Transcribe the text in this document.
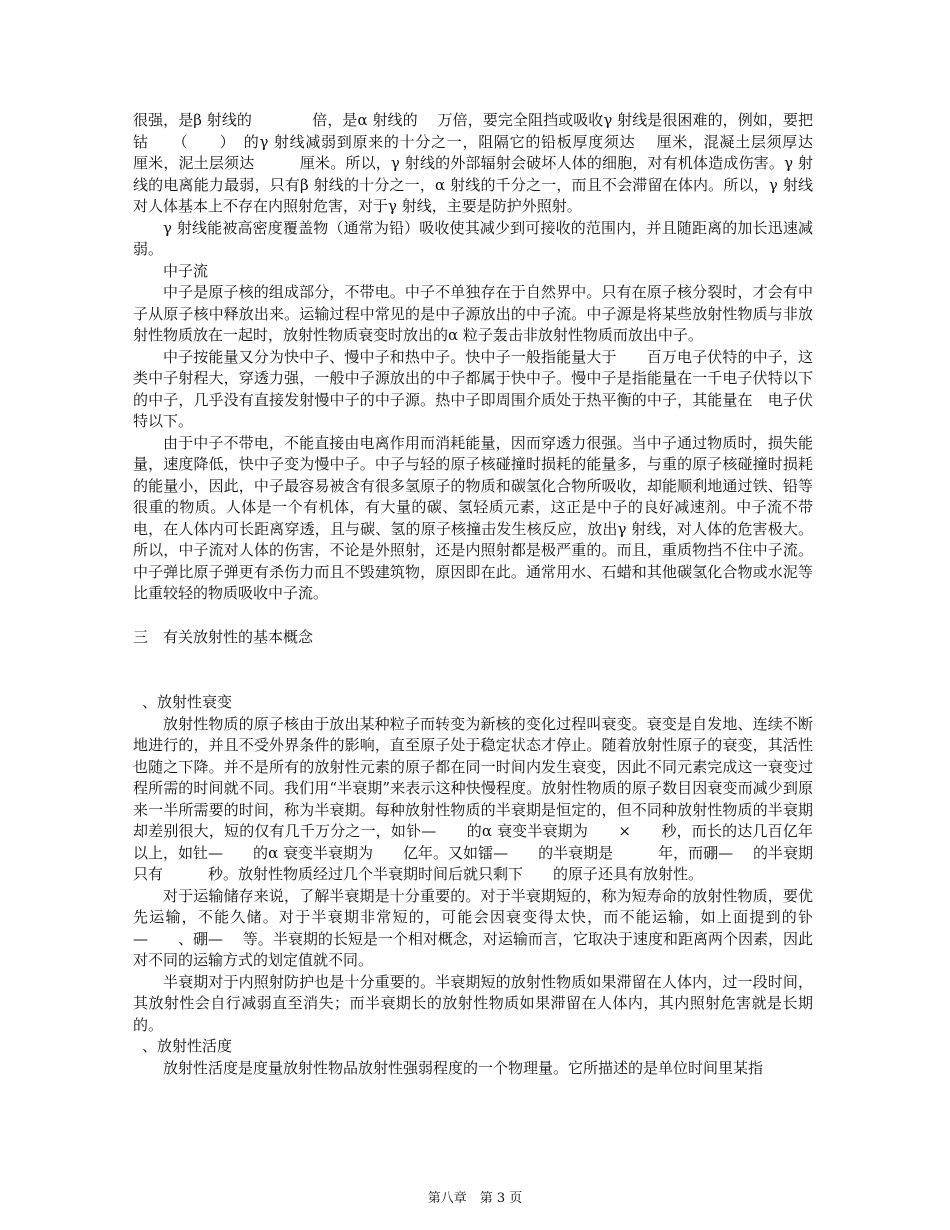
很强，是β 射线的　　　　倍，是α 射线的　 万倍，要完全阻挡或吸收γ 射线是很困难的，例如，要把钴　　（　　）　的γ 射线减弱到原来的十分之一，阻隔它的铅板厚度须达　 厘米，混凝土层须厚达　　　厘米，泥土层须达　　　厘米。所以，γ 射线的外部辐射会破坏人体的细胞，对有机体造成伤害。γ 射线的电离能力最弱，只有β 射线的十分之一，α 射线的千分之一，而且不会滞留在体内。所以，γ 射线对人体基本上不存在内照射危害，对于γ 射线，主要是防护外照射。

γ 射线能被高密度覆盖物（通常为铅）吸收使其减少到可接收的范围内，并且随距离的加长迅速减弱。

中子流

中子是原子核的组成部分，不带电。中子不单独存在于自然界中。只有在原子核分裂时，才会有中子从原子核中释放出来。运输过程中常见的是中子源放出的中子流。中子源是将某些放射性物质与非放射性物质放在一起时，放射性物质衰变时放出的α 粒子轰击非放射性物质而放出中子。

中子按能量又分为快中子、慢中子和热中子。快中子一般指能量大于　　百万电子伏特的中子，这类中子射程大，穿透力强，一般中子源放出的中子都属于快中子。慢中子是指能量在一千电子伏特以下的中子，几乎没有直接发射慢中子的中子源。热中子即周围介质处于热平衡的中子，其能量在　电子伏特以下。

由于中子不带电，不能直接由电离作用而消耗能量，因而穿透力很强。当中子通过物质时，损失能量，速度降低，快中子变为慢中子。中子与轻的原子核碰撞时损耗的能量多，与重的原子核碰撞时损耗的能量小，因此，中子最容易被含有很多氢原子的物质和碳氢化合物所吸收，却能顺利地通过铁、铅等很重的物质。人体是一个有机体，有大量的碳、氢轻质元素，这正是中子的良好减速剂。中子流不带电，在人体内可长距离穿透，且与碳、氢的原子核撞击发生核反应，放出γ 射线，对人体的危害极大。所以，中子流对人体的伤害，不论是外照射，还是内照射都是极严重的。而且，重质物挡不住中子流。中子弹比原子弹更有杀伤力而且不毁建筑物，原因即在此。通常用水、石蜡和其他碳氢化合物或水泥等比重较轻的物质吸收中子流。

三　有关放射性的基本概念

、放射性衰变

放射性物质的原子核由于放出某种粒子而转变为新核的变化过程叫衰变。衰变是自发地、连续不断地进行的，并且不受外界条件的影响，直至原子处于稳定状态才停止。随着放射性原子的衰变，其活性也随之下降。并不是所有的放射性元素的原子都在同一时间内发生衰变，因此不同元素完成这一衰变过程所需的时间就不同。我们用“半衰期”来表示这种快慢程度。放射性物质的原子数目因衰变而减少到原来一半所需要的时间，称为半衰期。每种放射性物质的半衰期是恒定的，但不同种放射性物质的半衰期却差别很大，短的仅有几千万分之一，如钋—　　的α 衰变半衰期为　　×　　秒，而长的达几百亿年以上，如钍—　　的α 衰变半衰期为　　亿年。又如镭—　　的半衰期是　　　年，而硼—　 的半衰期只有　　　秒。放射性物质经过几个半衰期时间后就只剩下　　的原子还具有放射性。

对于运输储存来说，了解半衰期是十分重要的。对于半衰期短的，称为短寿命的放射性物质，要优先运输，不能久储。对于半衰期非常短的，可能会因衰变得太快，而不能运输，如上面提到的钋—　　、硼—　 等。半衰期的长短是一个相对概念，对运输而言，它取决于速度和距离两个因素，因此对不同的运输方式的划定值就不同。

半衰期对于内照射防护也是十分重要的。半衰期短的放射性物质如果滞留在人体内，过一段时间，其放射性会自行减弱直至消失；而半衰期长的放射性物质如果滞留在人体内，其内照射危害就是长期的。

、放射性活度

放射性活度是度量放射性物品放射性强弱程度的一个物理量。它所描述的是单位时间里某指

第八章　第 3 页
